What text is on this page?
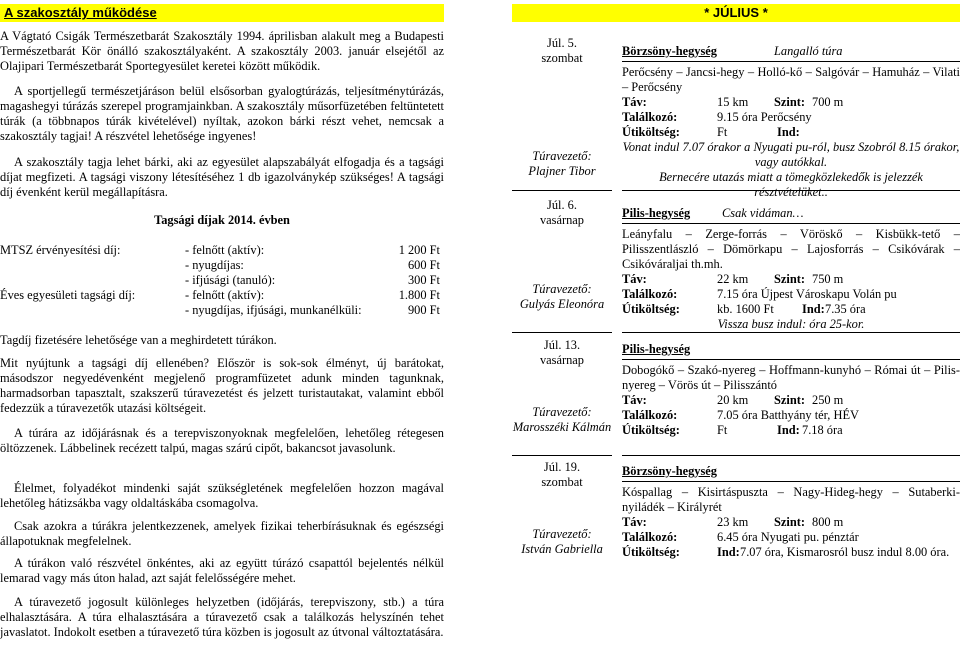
A szakosztály működése

A Vágtató Csigák Természetbarát Szakosztály 1994. áprilisban alakult meg a Budapesti Természetbarát Kör önálló szakosztályaként. A szakosztály 2003. január elsejétől az Olajipari Természetbarát Sportegyesület keretei között működik.

A sportjellegű természetjáráson belül elsősorban gyalogtúrázás, teljesítménytúrázás, magashegyi túrázás szerepel programjainkban. A szakosztály műsorfüzetében feltüntetett túrák (a többnapos túrák kivételével) nyíltak, azokon bárki részt vehet, nemcsak a szakosztály tagjai! A részvétel lehetősége ingyenes!

A szakosztály tagja lehet bárki, aki az egyesület alapszabályát elfogadja és a tagsági díjat megfizeti. A tagsági viszony létesítéséhez 1 db igazolványkép szükséges! A tagsági díj évenként kerül megállapításra.

Tagsági díjak 2014. évben
MTSZ érvényesítési díj:	- felnőtt (aktív):	1 200 Ft
- nyugdíjas:	600 Ft
- ifjúsági (tanuló):	300 Ft
Éves egyesületi tagsági díj:	- felnőtt (aktív):	1.800 Ft
- nyugdíjas, ifjúsági, munkanélküli:	900 Ft

Tagdíj fizetésére lehetősége van a meghirdetett túrákon.

Mit nyújtunk a tagsági díj ellenében? Először is sok-sok élményt, új barátokat, másodszor negyedévenként megjelenő programfüzetet adunk minden tagunknak, harmadsorban tapasztalt, szakszerű túravezetést és jelzett turistautakat, valamint ebből fedezzük a túravezetők utazási költségeit.

A túrára az időjárásnak és a terepviszonyoknak megfelelően, lehetőleg rétegesen öltözzenek. Lábbelinek recézett talpú, magas szárú cipőt, bakancsot javasolunk.

Élelmet, folyadékot mindenki saját szükségletének megfelelően hozzon magával lehetőleg hátizsákba vagy oldaltáskába csomagolva.

Csak azokra a túrákra jelentkezzenek, amelyek fizikai teherbírásuknak és egészségi állapotuknak megfelelnek.

A túrákon való részvétel önkéntes, aki az együtt túrázó csapattól bejelentés nélkül lemarad vagy más úton halad, azt saját felelősségére mehet.

A túravezető jogosult különleges helyzetben (időjárás, terepviszony, stb.) a túra elhalasztására. A túra elhalasztására a túravezető csak a találkozás helyszínén tehet javaslatot. Indokolt esetben a túravezető túra közben is jogosult az útvonal változtatására.

* JÚLIUS *
Júl. 5.
szombat
Túravezető:
Plajner Tibor
Börzsöny-hegység	Langalló túra
Perőcsény – Jancsi-hegy – Holló-kő – Salgóvár – Hamuház – Vilati – Perőcsény
Táv:	15 km Szint: 700 m
Találkozó:	9.15 óra Perőcsény
Útiköltség:	Ft	Ind:
Vonat indul 7.07 órakor a Nyugati pu-ról, busz Szobról 8.15 órakor, vagy autókkal.
Bernecére utazás miatt a tömegközlekedők is jelezzék résztvételüket..
Júl. 6.
vasárnap
Túravezető:
Gulyás Eleonóra
Pilis-hegység	Csak vidáman…
Leányfalu – Zerge-forrás – Vöröskő – Kisbükk-tető – Pilisszentlászló – Dömörkapu – Lajosforrás – Csikóvárak – Csikóváraljai th.mh.
Táv:	22 km Szint: 750 m
Találkozó:	7.15 óra Újpest Városkapu Volán pu
Útiköltség:	kb. 1600 Ft Ind: 7.35 óra
Vissza busz indul: óra 25-kor.
Júl. 13.
vasárnap
Túravezető:
Marosszéki Kálmán
Pilis-hegység
Dobogókő – Szakó-nyereg – Hoffmann-kunyhó – Római út – Pilis-nyereg – Vörös út – Pilisszántó
Táv:	20 km Szint: 250 m
Találkozó:	7.05 óra Batthyány tér, HÉV
Útiköltség:	Ft	Ind: 7.18 óra
Júl. 19.
szombat
Túravezető:
István Gabriella
Börzsöny-hegység
Kóspallag – Kisirtáspuszta – Nagy-Hideg-hegy – Sutaberki-nyiládék – Királyrét
Táv:	23 km Szint: 800 m
Találkozó:	6.45 óra Nyugati pu. pénztár
Útiköltség:	Ind: 7.07 óra, Kismarosról busz indul 8.00 óra.
